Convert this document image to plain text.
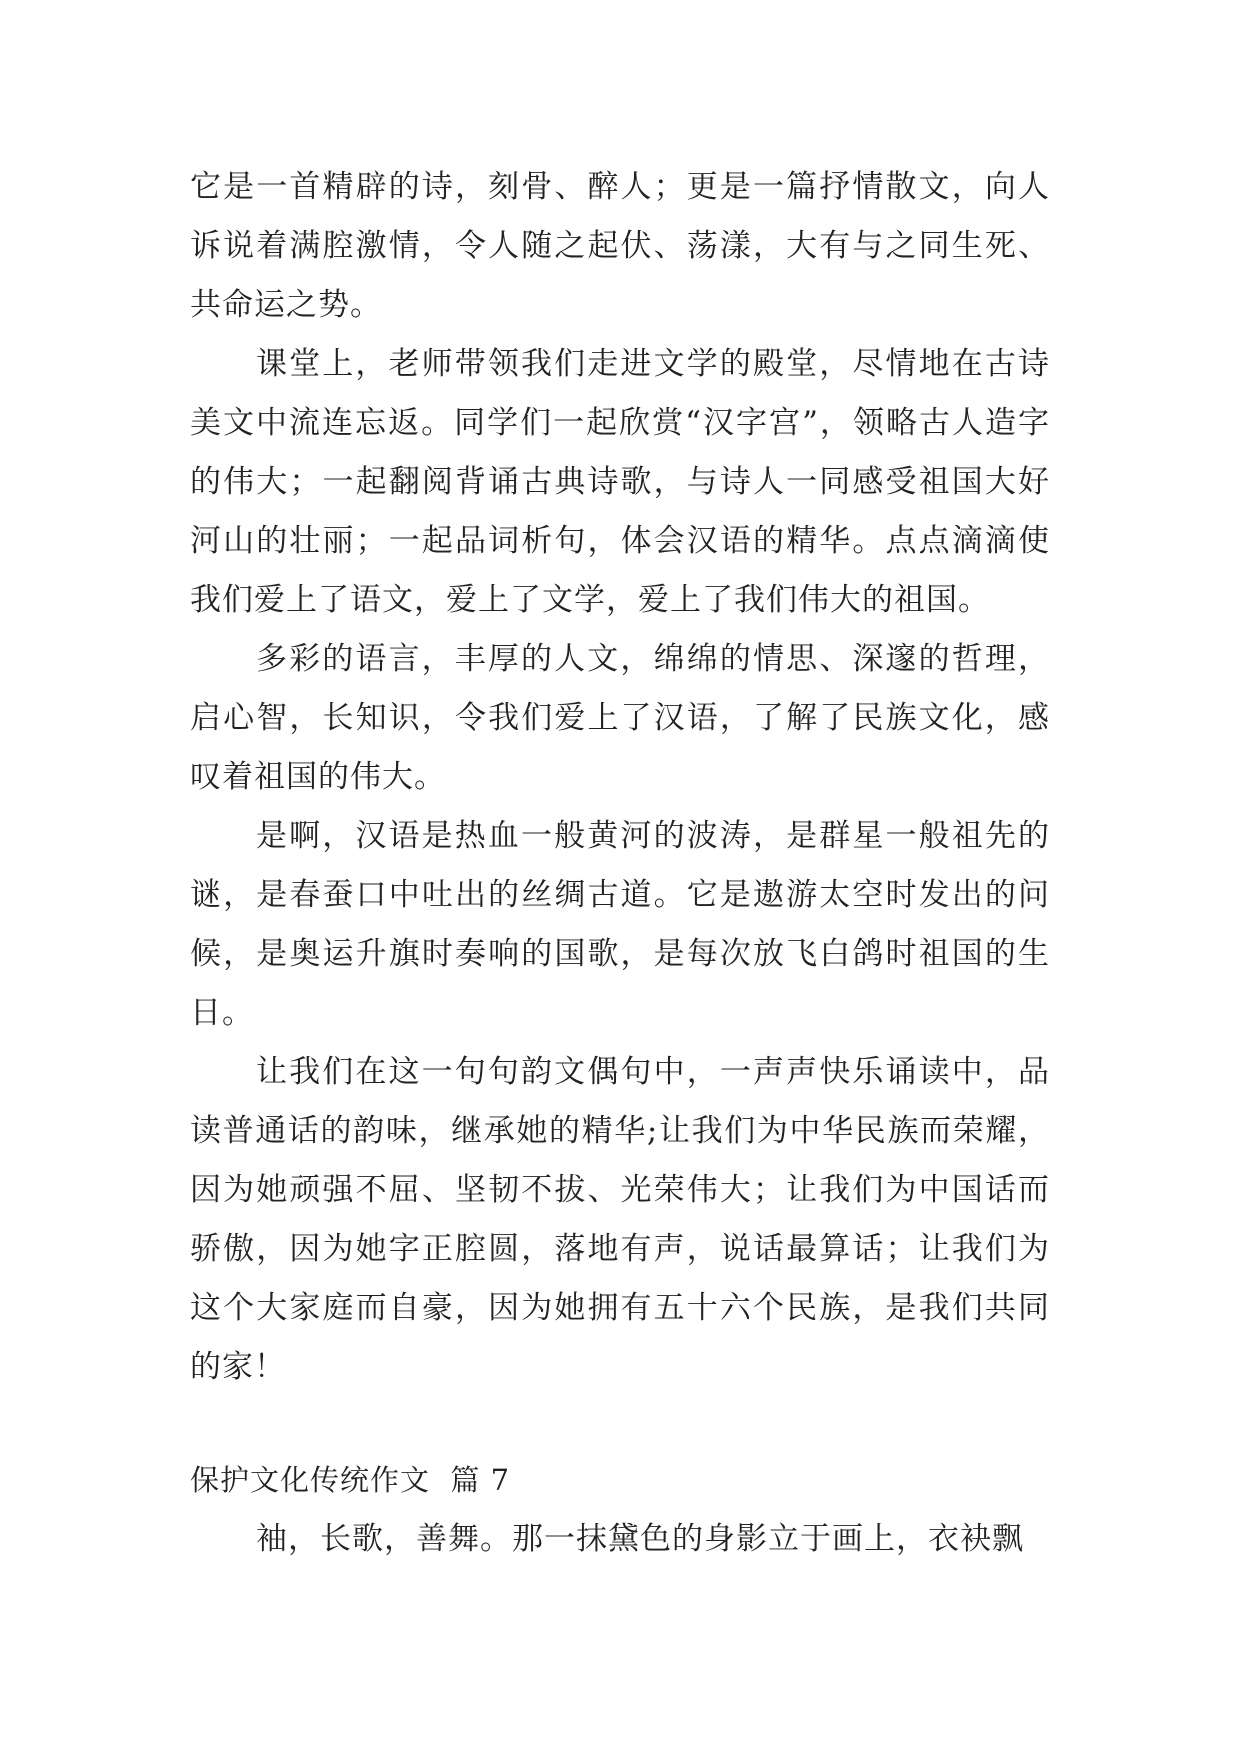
它是一首精辟的诗，刻骨、醉人；更是一篇抒情散文，向人诉说着满腔激情，令人随之起伏、荡漾，大有与之同生死、共命运之势。

课堂上，老师带领我们走进文学的殿堂，尽情地在古诗美文中流连忘返。同学们一起欣赏“汉字宫”，领略古人造字的伟大；一起翻阅背诵古典诗歌，与诗人一同感受祖国大好河山的壮丽；一起品词析句，体会汉语的精华。点点滴滴使我们爱上了语文，爱上了文学，爱上了我们伟大的祖国。

多彩的语言，丰厚的人文，绵绵的情思、深邃的哲理，启心智，长知识，令我们爱上了汉语，了解了民族文化，感叹着祖国的伟大。

是啊，汉语是热血一般黄河的波涛，是群星一般祖先的谜，是春蚕口中吐出的丝绸古道。它是遨游太空时发出的问候，是奥运升旗时奏响的国歌，是每次放飞白鸽时祖国的生日。

让我们在这一句句韵文偶句中，一声声快乐诵读中，品读普通话的韵味，继承她的精华;让我们为中华民族而荣耀，因为她顽强不屈、坚韧不拔、光荣伟大；让我们为中国话而骄傲，因为她字正腔圆，落地有声，说话最算话；让我们为这个大家庭而自豪，因为她拥有五十六个民族，是我们共同的家！

保护文化传统作文  篇 7

袖，长歌，善舞。那一抹黛色的身影立于画上，衣袂飘
